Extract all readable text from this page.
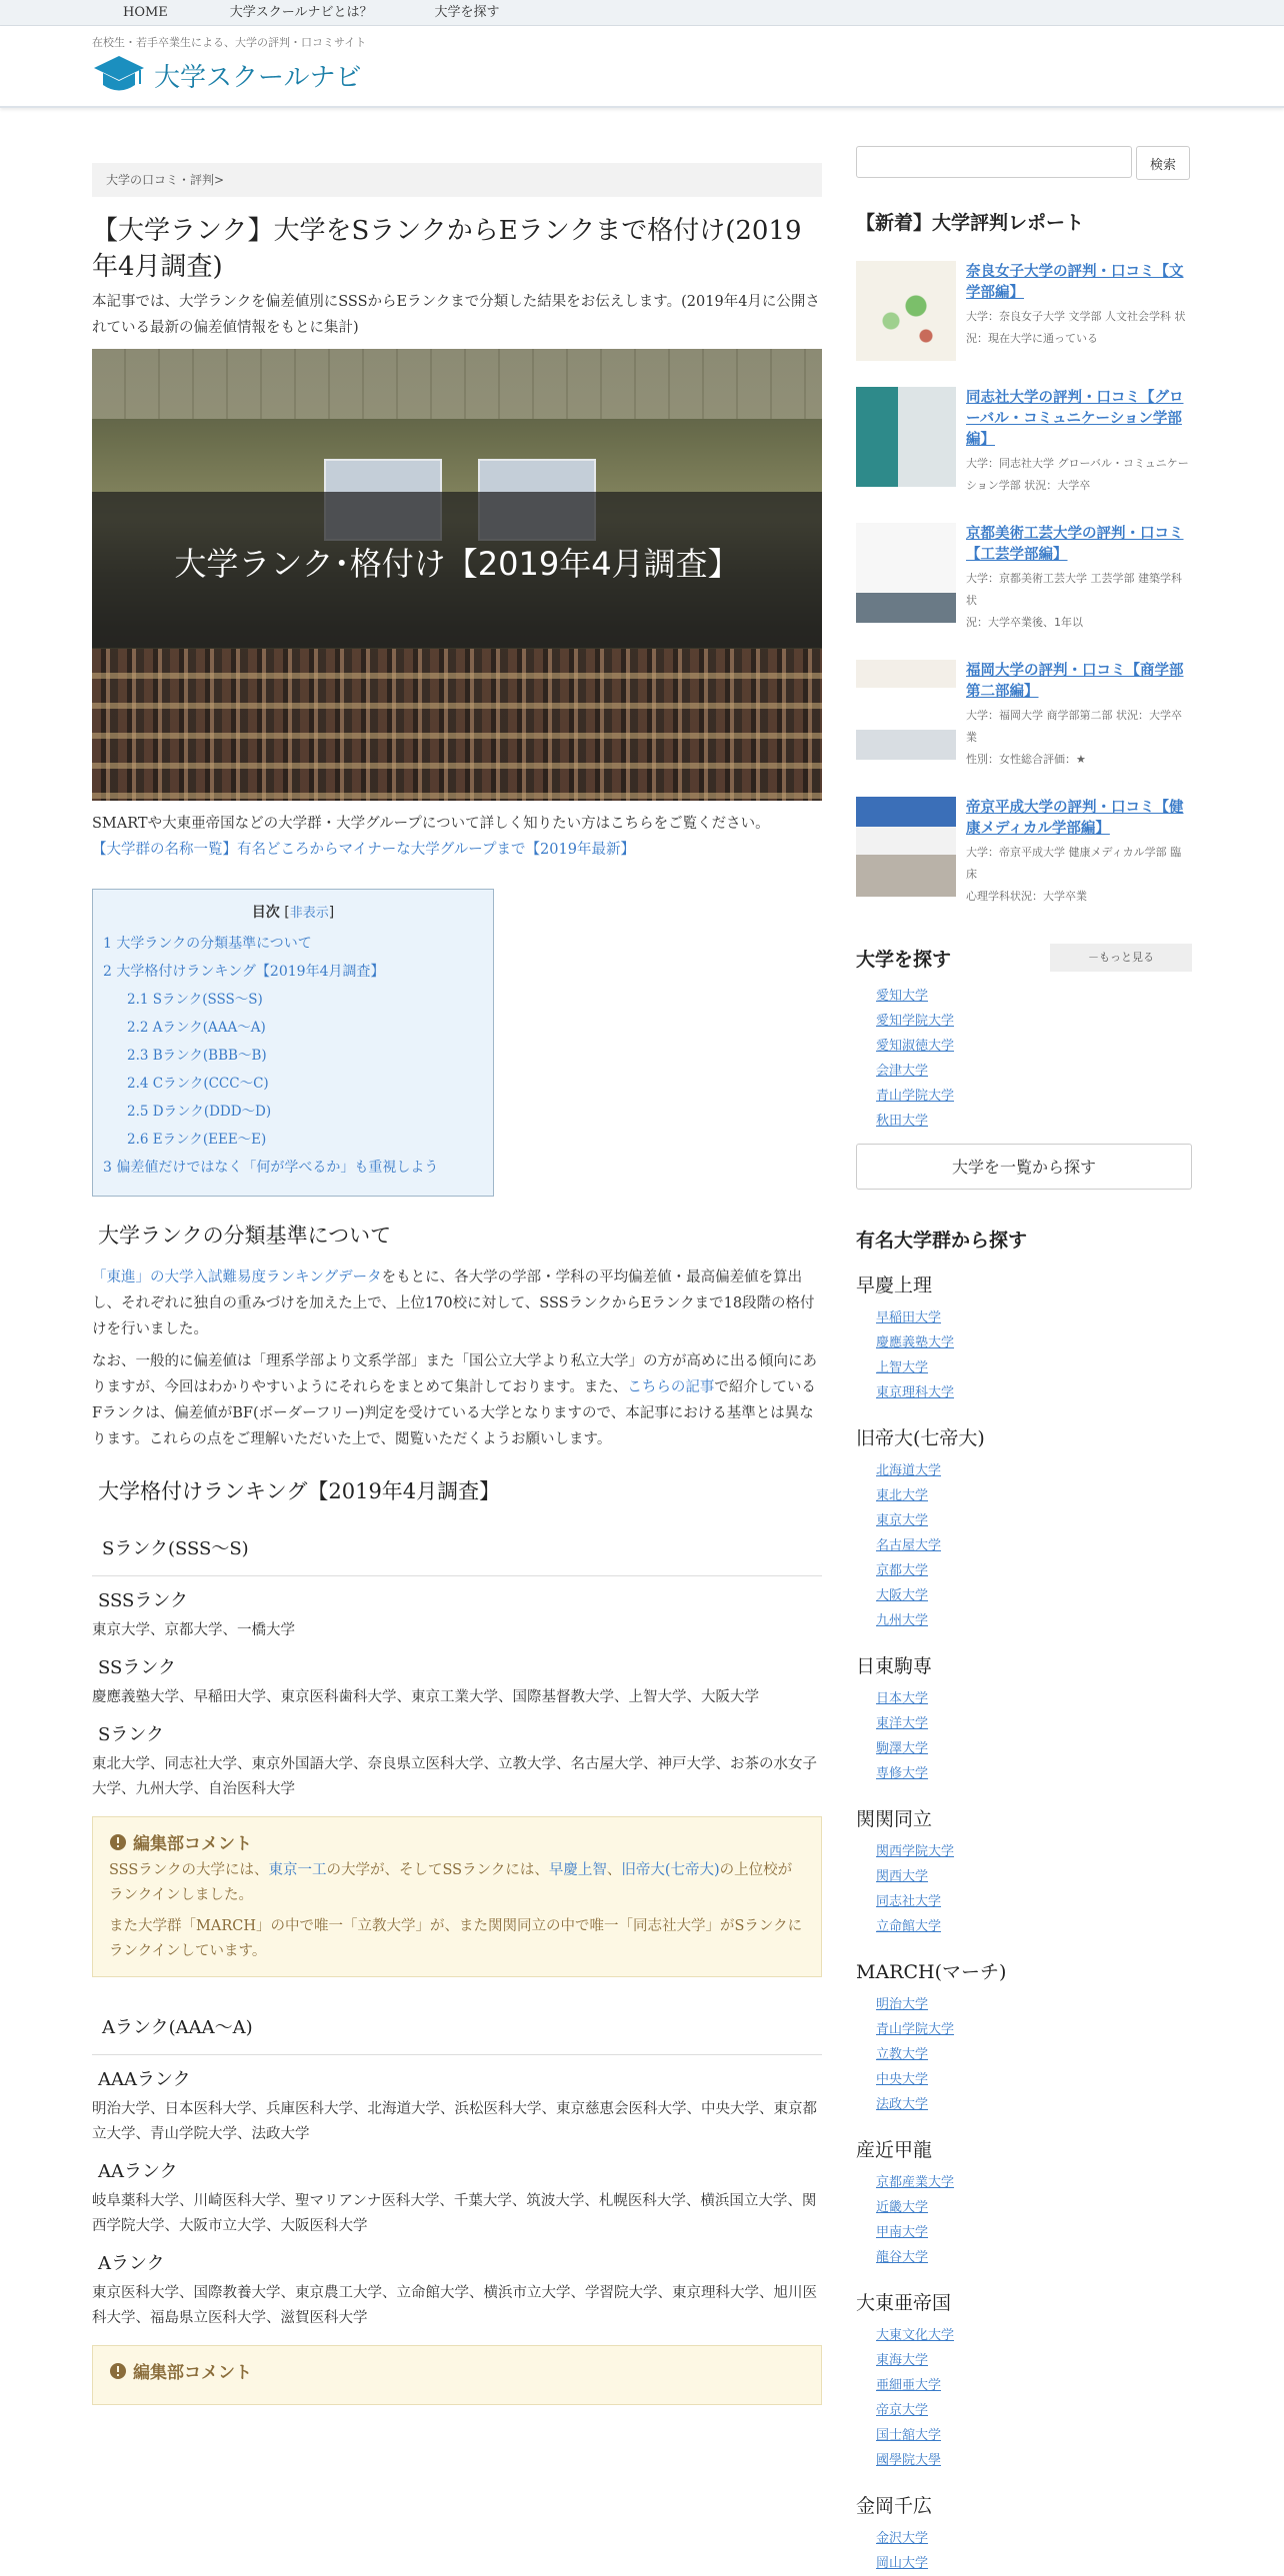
HOME	大学スクールナビとは？	大学を探す
在校生・若手卒業生による、大学の評判・口コミサイト
大学スクールナビ
大学の口コミ・評判>
【大学ランク】大学をSランクからEランクまで格付け(2019年4月調査)

本記事では、大学ランクを偏差値別にSSSからEランクまで分類した結果をお伝えします。(2019年4月に公開されている最新の偏差値情報をもとに集計)

大学ランク･格付け【2019年4月調査】

SMARTや大東亜帝国などの大学群・大学グループについて詳しく知りたい方はこちらをご覧ください。

【大学群の名称一覧】有名どころからマイナーな大学グループまで【2019年最新】

目次 [非表示]
1 大学ランクの分類基準について
2 大学格付けランキング【2019年4月調査】
2.1 Sランク(SSS～S)
2.2 Aランク(AAA～A)
2.3 Bランク(BBB～B)
2.4 Cランク(CCC～C)
2.5 Dランク(DDD～D)
2.6 Eランク(EEE～E)
3 偏差値だけではなく「何が学べるか」も重視しよう
大学ランクの分類基準について

「東進」の大学入試難易度ランキングデータをもとに、各大学の学部・学科の平均偏差値・最高偏差値を算出し、それぞれに独自の重みづけを加えた上で、上位170校に対して、SSSランクからEランクまで18段階の格付けを行いました。

なお、一般的に偏差値は「理系学部より文系学部」また「国公立大学より私立大学」の方が高めに出る傾向にありますが、今回はわかりやすいようにそれらをまとめて集計しております。また、こちらの記事で紹介しているFランクは、偏差値がBF(ボーダーフリー)判定を受けている大学となりますので、本記事における基準とは異なります。これらの点をご理解いただいた上で、閲覧いただくようお願いします。

大学格付けランキング【2019年4月調査】
Sランク(SSS～S)
SSSランク
東京大学、京都大学、一橋大学
SSランク
慶應義塾大学、早稲田大学、東京医科歯科大学、東京工業大学、国際基督教大学、上智大学、大阪大学
Sランク
東北大学、同志社大学、東京外国語大学、奈良県立医科大学、立教大学、名古屋大学、神戸大学、お茶の水女子大学、九州大学、自治医科大学
編集部コメント

SSSランクの大学には、東京一工の大学が、そしてSSランクには、早慶上智、旧帝大(七帝大)の上位校がランクインしました。

また大学群「MARCH」の中で唯一「立教大学」が、また関関同立の中で唯一「同志社大学」がSランクにランクインしています。

Aランク(AAA～A)
AAAランク
明治大学、日本医科大学、兵庫医科大学、北海道大学、浜松医科大学、東京慈恵会医科大学、中央大学、東京都立大学、青山学院大学、法政大学
AAランク
岐阜薬科大学、川崎医科大学、聖マリアンナ医科大学、千葉大学、筑波大学、札幌医科大学、横浜国立大学、関西学院大学、大阪市立大学、大阪医科大学
Aランク
東京医科大学、国際教養大学、東京農工大学、立命館大学、横浜市立大学、学習院大学、東京理科大学、旭川医科大学、福島県立医科大学、滋賀医科大学
編集部コメント
検索
【新着】大学評判レポート
奈良女子大学の評判・口コミ【文学部編】
大学：奈良女子大学 文学部 人文社会学科 状
況：現在大学に通っている
同志社大学の評判・口コミ【グローバル・コミュニケーション学部編】
大学：同志社大学 グローバル・コミュニケー
ション学部 状況：大学卒
京都美術工芸大学の評判・口コミ【工芸学部編】
大学：京都美術工芸大学 工芸学部 建築学科 状
況：大学卒業後、1年以
福岡大学の評判・口コミ【商学部第二部編】
大学：福岡大学 商学部第二部 状況：大学卒業
性別：女性総合評価：★
帝京平成大学の評判・口コミ【健康メディカル学部編】
大学：帝京平成大学 健康メディカル学部 臨床
心理学科状況：大学卒業
大学を探す	－もっと見る
愛知大学
愛知学院大学
愛知淑徳大学
会津大学
青山学院大学
秋田大学
大学を一覧から探す
有名大学群から探す
早慶上理
早稲田大学
慶應義塾大学
上智大学
東京理科大学
旧帝大(七帝大)
北海道大学
東北大学
東京大学
名古屋大学
京都大学
大阪大学
九州大学
日東駒専
日本大学
東洋大学
駒澤大学
専修大学
関関同立
関西学院大学
関西大学
同志社大学
立命館大学
MARCH(マーチ)
明治大学
青山学院大学
立教大学
中央大学
法政大学
産近甲龍
京都産業大学
近畿大学
甲南大学
龍谷大学
大東亜帝国
大東文化大学
東海大学
亜細亜大学
帝京大学
国士舘大学
國學院大學
金岡千広
金沢大学
岡山大学
